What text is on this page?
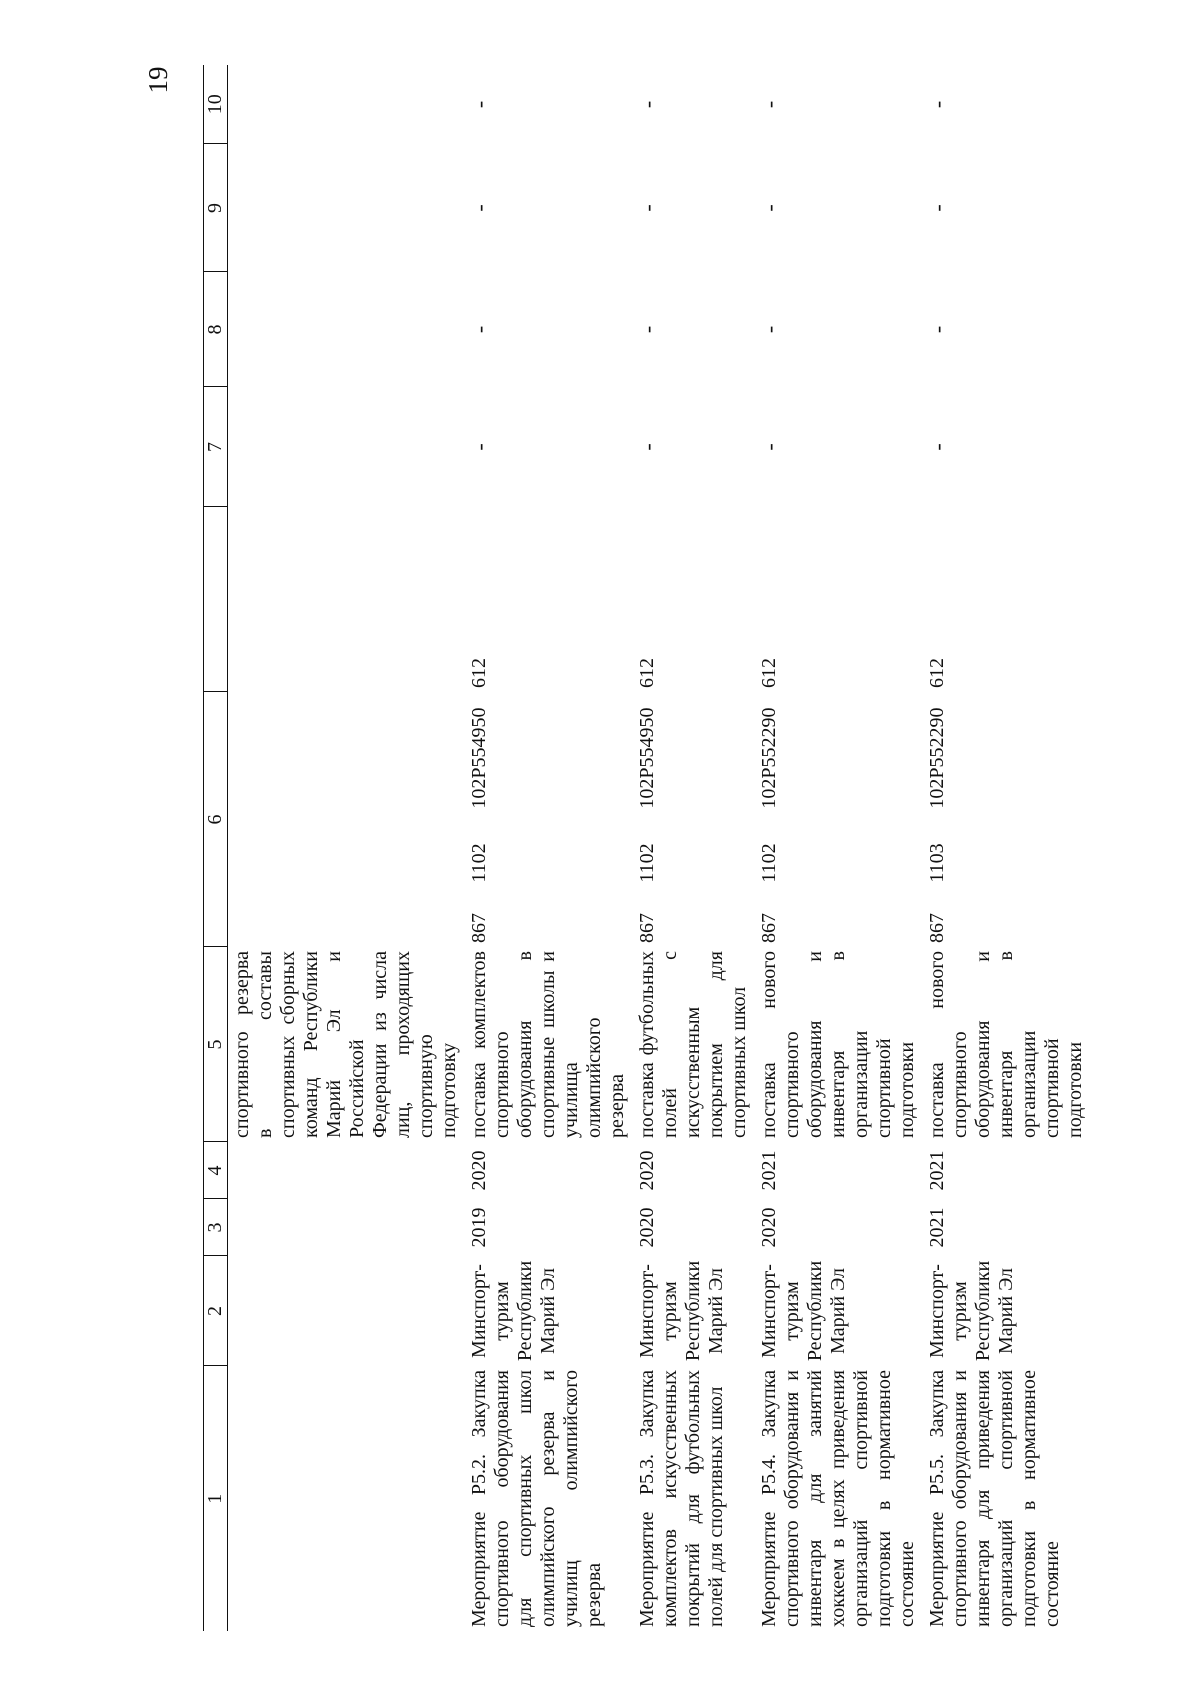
19
1	2	3	4	5	6				7	8	9	10
				спортивного резерва в составы спортивных сборных команд Республики Марий Эл и Российской Федерации из числа лиц, проходящих спортивную подготовку								
Мероприятие P5.2. Закупка спортивного оборудования для спортивных школ олимпийского резерва и училищ олимпийского резерва	Минспорт-туризм Республики Марий Эл	2019	2020	поставка комплектов спортивного оборудования в спортивные школы и училища олимпийского резерва	867	1102	102P554950	612	-	-	-	-
Мероприятие P5.3. Закупка комплектов искусственных покрытий для футбольных полей для спортивных школ	Минспорт-туризм Республики Марий Эл	2020	2020	поставка футбольных полей с искусственным покрытием для спортивных школ	867	1102	102P554950	612	-	-	-	-
Мероприятие P5.4. Закупка спортивного оборудования и инвентаря для занятий хоккеем в целях приведения организаций спортивной подготовки в нормативное состояние	Минспорт-туризм Республики Марий Эл	2020	2021	поставка нового спортивного оборудования и инвентаря в организации спортивной подготовки	867	1102	102P552290	612	-	-	-	-
Мероприятие P5.5. Закупка спортивного оборудования и инвентаря для приведения организаций спортивной подготовки в нормативное состояние	Минспорт-туризм Республики Марий Эл	2021	2021	поставка нового спортивного оборудования и инвентаря в организации спортивной подготовки	867	1103	102P552290	612	-	-	-	-
